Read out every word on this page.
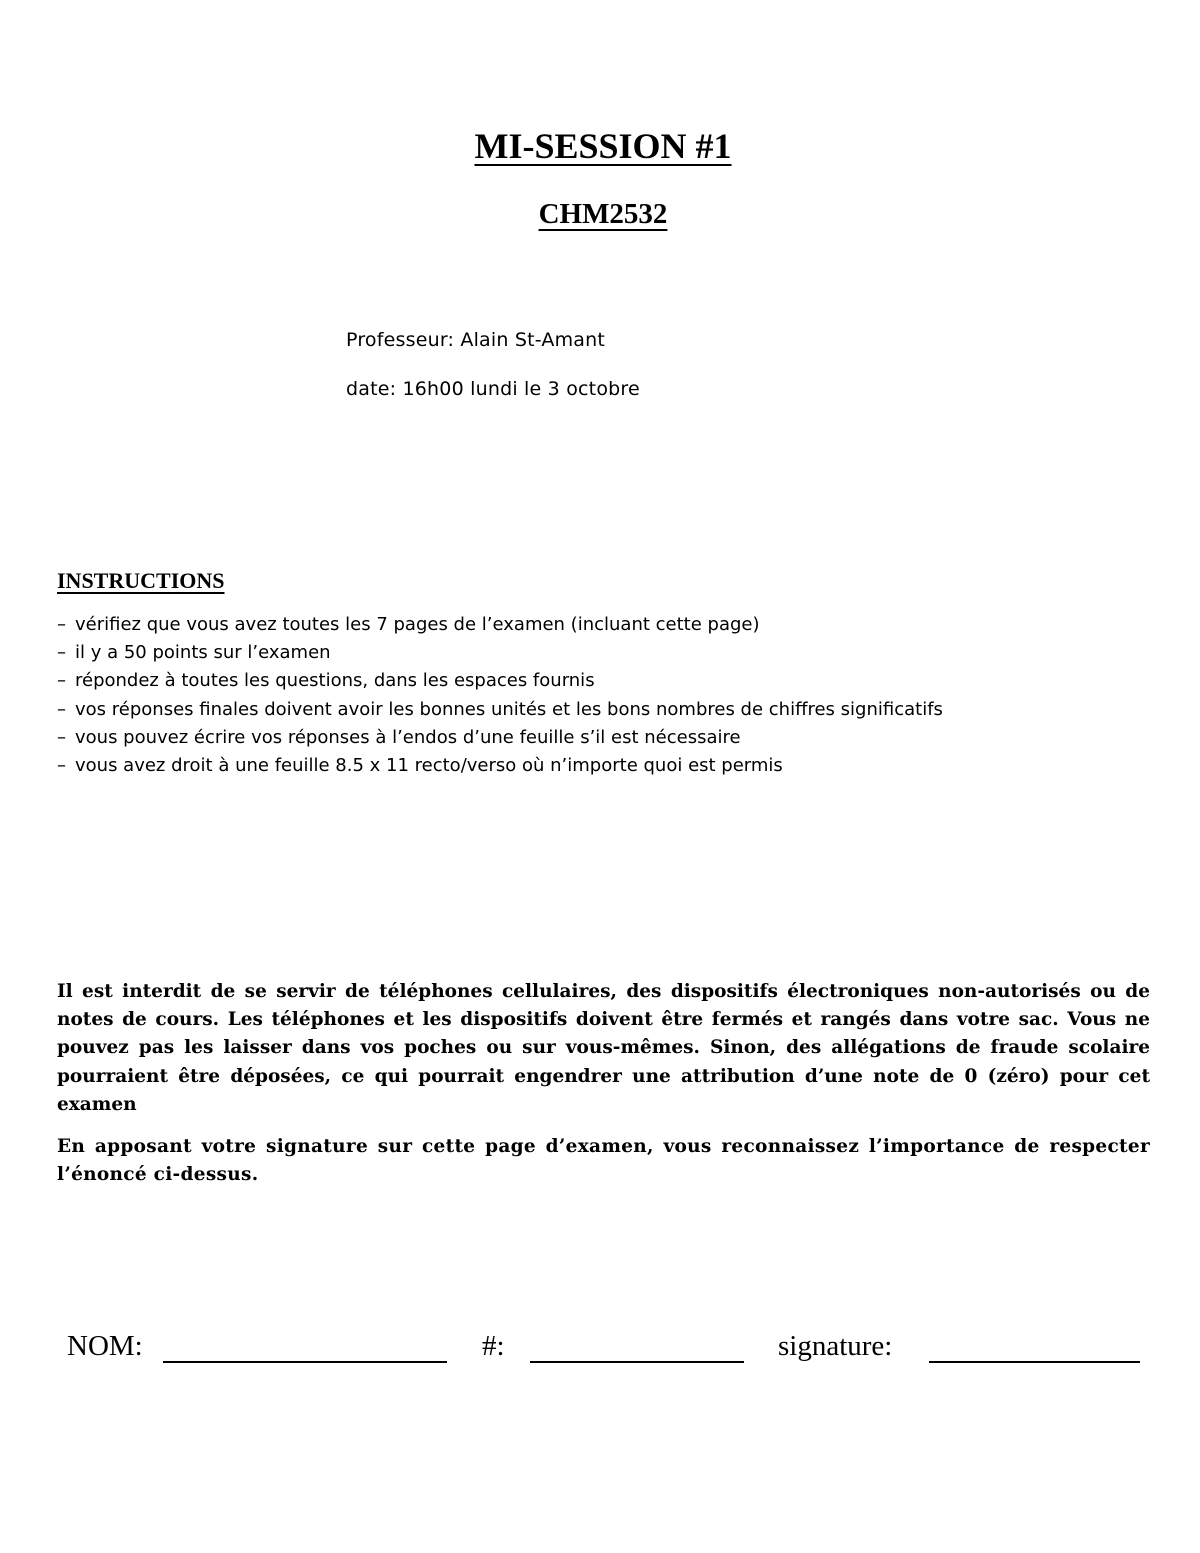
MI-SESSION #1
CHM2532
Professeur: Alain St-Amant
date: 16h00 lundi le 3 octobre
INSTRUCTIONS
– vérifiez que vous avez toutes les 7 pages de l’examen (incluant cette page)
– il y a 50 points sur l’examen
– répondez à toutes les questions, dans les espaces fournis
– vos réponses finales doivent avoir les bonnes unités et les bons nombres de chiffres significatifs
– vous pouvez écrire vos réponses à l’endos d’une feuille s’il est nécessaire
– vous avez droit à une feuille 8.5 x 11 recto/verso où n’importe quoi est permis

Il est interdit de se servir de téléphones cellulaires, des dispositifs électroniques non-autorisés ou de notes de cours. Les téléphones et les dispositifs doivent être fermés et rangés dans votre sac. Vous ne pouvez pas les laisser dans vos poches ou sur vous-mêmes. Sinon, des allégations de fraude scolaire pourraient être déposées, ce qui pourrait engendrer une attribution d’une note de 0 (zéro) pour cet examen

En apposant votre signature sur cette page d’examen, vous reconnaissez l’importance de respecter l’énoncé ci-dessus.

NOM:	#:	signature:
